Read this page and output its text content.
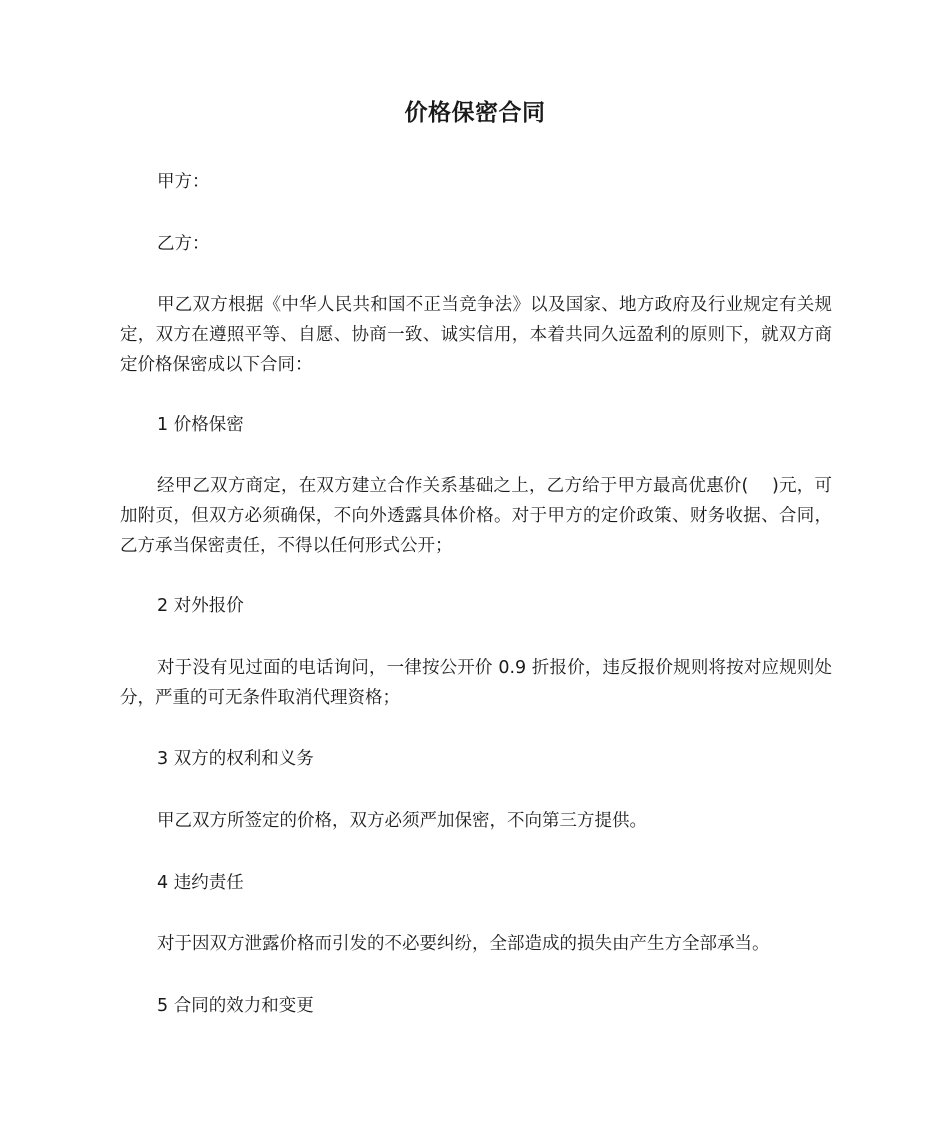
价格保密合同

甲方：

乙方：

甲乙双方根据《中华人民共和国不正当竞争法》以及国家、地方政府及行业规定有关规定，双方在遵照平等、自愿、协商一致、诚实信用，本着共同久远盈利的原则下，就双方商定价格保密成以下合同：

1 价格保密

经甲乙双方商定，在双方建立合作关系基础之上，乙方给于甲方最高优惠价(　 )元，可加附页，但双方必须确保，不向外透露具体价格。对于甲方的定价政策、财务收据、合同，乙方承当保密责任，不得以任何形式公开；

2 对外报价

对于没有见过面的电话询问，一律按公开价 0.9 折报价，违反报价规则将按对应规则处分，严重的可无条件取消代理资格；

3 双方的权利和义务

甲乙双方所签定的价格，双方必须严加保密，不向第三方提供。

4 违约责任

对于因双方泄露价格而引发的不必要纠纷，全部造成的损失由产生方全部承当。

5 合同的效力和变更
